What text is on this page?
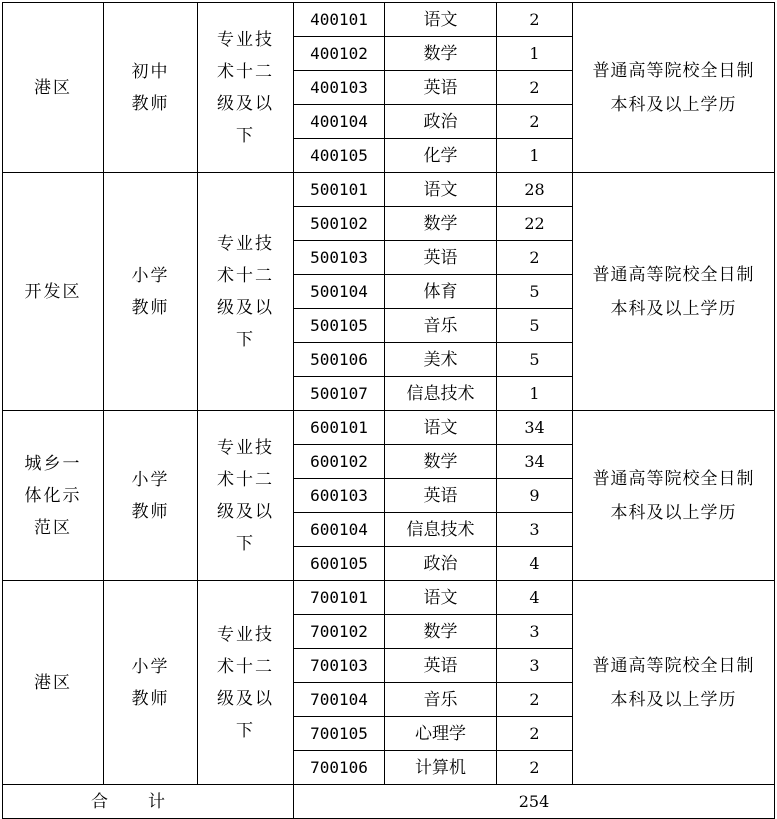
港区	初中教师	专业技术十二级及以下	400101	语文	2	普通高等院校全日制本科及以上学历

			400102	数学	1	
			400103	英语	2	
			400104	政治	2	
			400105	化学	1	

开发区	小学教师	专业技术十二级及以下	500101	语文	28	普通高等院校全日制本科及以上学历

			500102	数学	22	
			500103	英语	2	
			500104	体育	5	
			500105	音乐	5	
			500106	美术	5	
			500107	信息技术	1	

城乡一体化示范区	小学教师	专业技术十二级及以下	600101	语文	34	普通高等院校全日制本科及以上学历

			600102	数学	34	
			600103	英语	9	
			600104	信息技术	3	
			600105	政治	4	

港区	小学教师	专业技术十二级及以下	700101	语文	4	普通高等院校全日制本科及以上学历

			700102	数学	3	
			700103	英语	3	
			700104	音乐	2	
			700105	心理学	2	
			700106	计算机	2	
合计			254			
